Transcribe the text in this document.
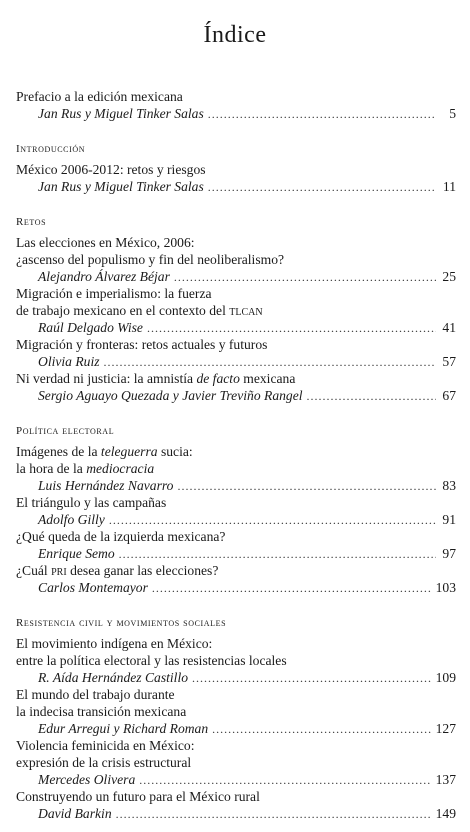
Índice
Prefacio a la edición mexicana
Jan Rus y Miguel Tinker Salas .....	5
Introducción
México 2006-2012: retos y riesgos
Jan Rus y Miguel Tinker Salas .....	11
Retos
Las elecciones en México, 2006:
¿ascenso del populismo y fin del neoliberalismo?
Alejandro Álvarez Béjar .....	25
Migración e imperialismo: la fuerza
de trabajo mexicano en el contexto del tlcan
Raúl Delgado Wise .....	41
Migración y fronteras: retos actuales y futuros
Olivia Ruiz .....	57
Ni verdad ni justicia: la amnistía de facto mexicana
Sergio Aguayo Quezada y Javier Treviño Rangel .....	67
Política electoral
Imágenes de la teleguerra sucia:
la hora de la mediocracia
Luis Hernández Navarro .....	83
El triángulo y las campañas
Adolfo Gilly .....	91
¿Qué queda de la izquierda mexicana?
Enrique Semo .....	97
¿Cuál pri desea ganar las elecciones?
Carlos Montemayor .....	103
Resistencia civil y movimientos sociales
El movimiento indígena en México:
entre la política electoral y las resistencias locales
R. Aída Hernández Castillo .....	109
El mundo del trabajo durante
la indecisa transición mexicana
Edur Arregui y Richard Roman .....	127
Violencia feminicida en México:
expresión de la crisis estructural
Mercedes Olivera .....	137
Construyendo un futuro para el México rural
David Barkin .....	149
